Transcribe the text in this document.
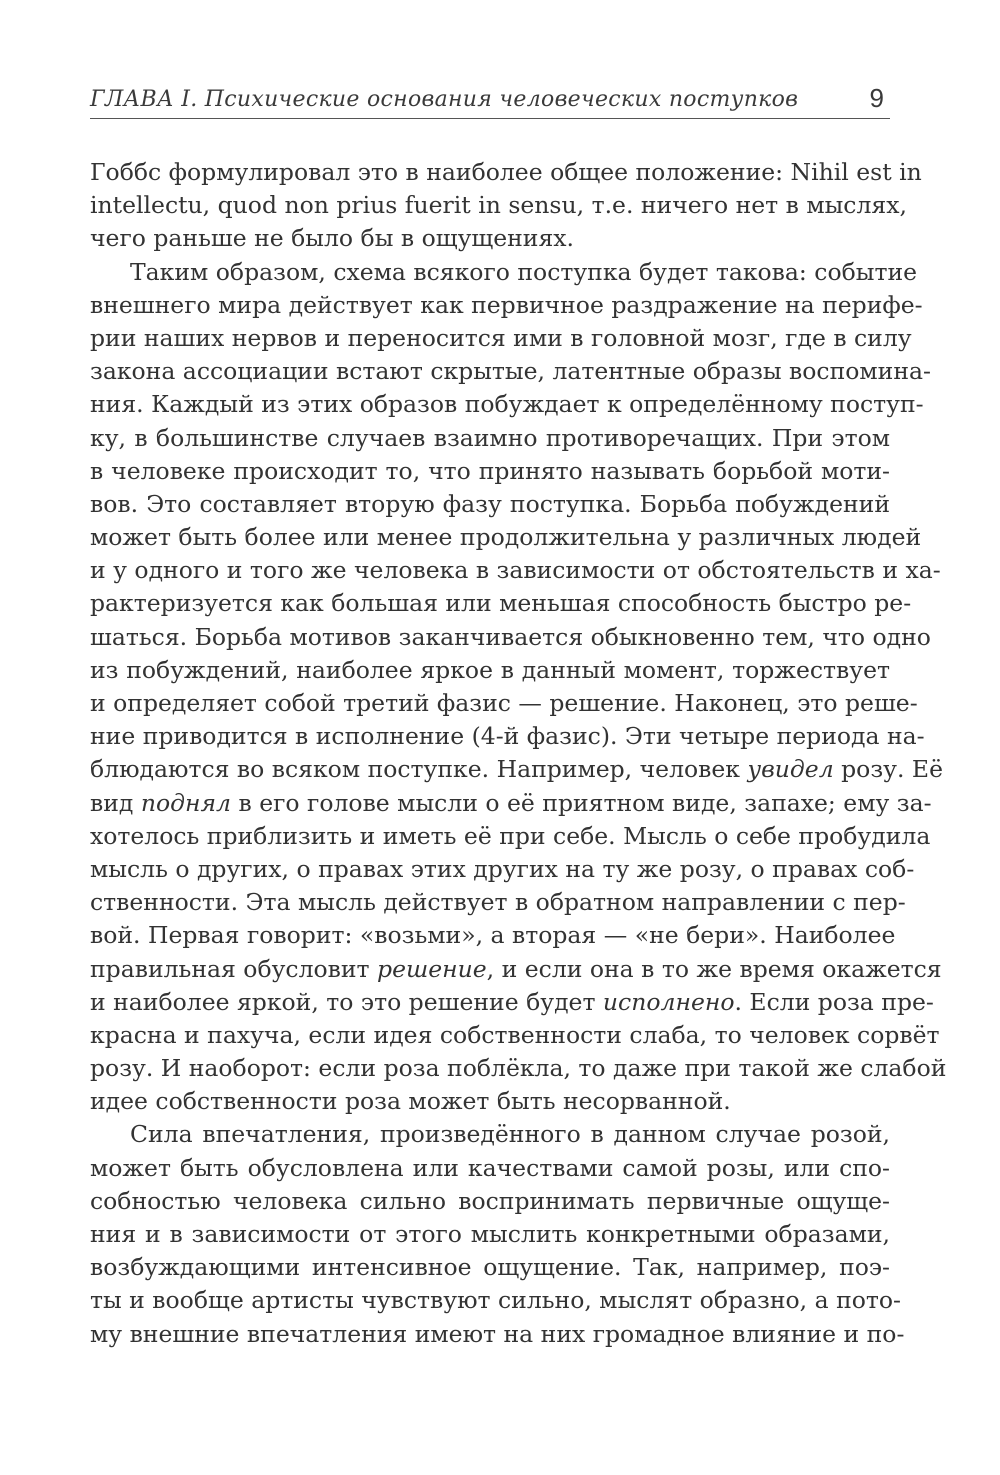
ГЛАВА I. Психические основания человеческих поступков	9
Гоббс формулировал это в наиболее общее положение: Nihil est in
intellectu, quod non prius fuerit in sensu, т.е. ничего нет в мыслях,
чего раньше не было бы в ощущениях.
Таким образом, схема всякого поступка будет такова: событие
внешнего мира действует как первичное раздражение на перифе-
рии наших нервов и переносится ими в головной мозг, где в силу
закона ассоциации встают скрытые, латентные образы воспомина-
ния. Каждый из этих образов побуждает к определённому поступ-
ку, в большинстве случаев взаимно противоречащих. При этом
в человеке происходит то, что принято называть борьбой моти-
вов. Это составляет вторую фазу поступка. Борьба побуждений
может быть более или менее продолжительна у различных людей
и у одного и того же человека в зависимости от обстоятельств и ха-
рактеризуется как большая или меньшая способность быстро ре-
шаться. Борьба мотивов заканчивается обыкновенно тем, что одно
из побуждений, наиболее яркое в данный момент, торжествует
и определяет собой третий фазис — решение. Наконец, это реше-
ние приводится в исполнение (4-й фазис). Эти четыре периода на-
блюдаются во всяком поступке. Например, человек увидел розу. Её
вид поднял в его голове мысли о её приятном виде, запахе; ему за-
хотелось приблизить и иметь её при себе. Мысль о себе пробудила
мысль о других, о правах этих других на ту же розу, о правах соб-
ственности. Эта мысль действует в обратном направлении с пер-
вой. Первая говорит: «возьми», а вторая — «не бери». Наиболее
правильная обусловит решение, и если она в то же время окажется
и наиболее яркой, то это решение будет исполнено. Если роза пре-
красна и пахуча, если идея собственности слаба, то человек сорвёт
розу. И наоборот: если роза поблёкла, то даже при такой же слабой
идее собственности роза может быть несорванной.
Сила впечатления, произведённого в данном случае розой,
может быть обусловлена или качествами самой розы, или спо-
собностью человека сильно воспринимать первичные ощуще-
ния и в зависимости от этого мыслить конкретными образами,
возбуждающими интенсивное ощущение. Так, например, поэ-
ты и вообще артисты чувствуют сильно, мыслят образно, а пото-
му внешние впечатления имеют на них громадное влияние и по-
